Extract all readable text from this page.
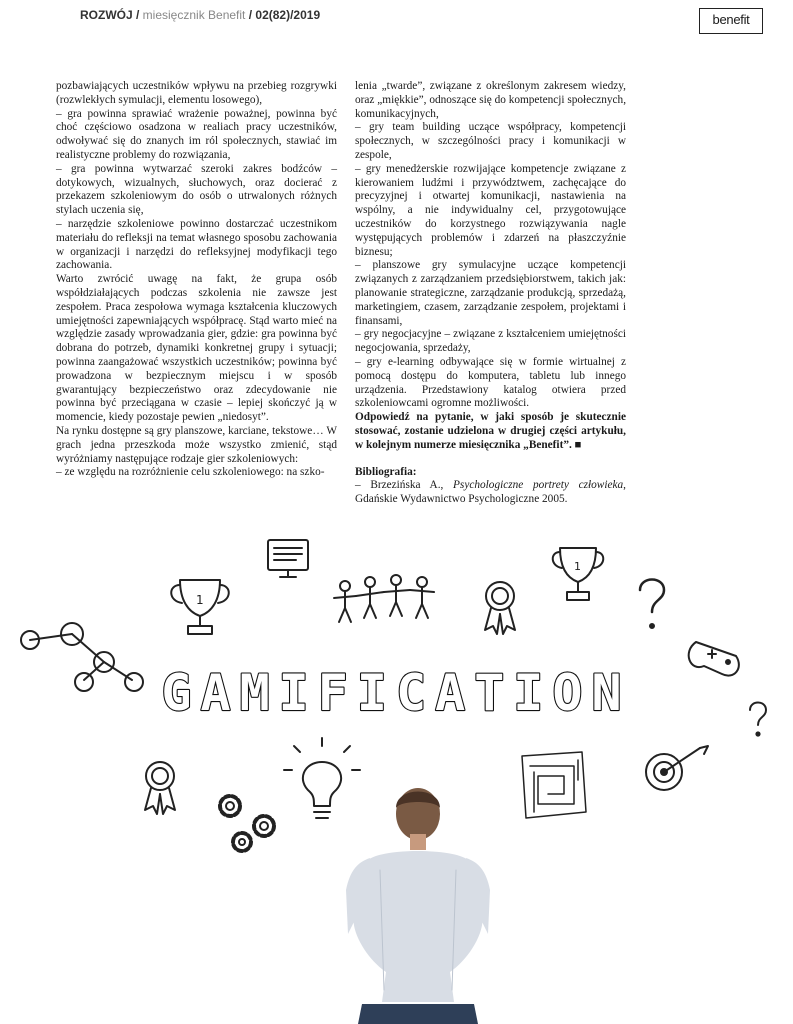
ROZWÓJ / miesięcznik Benefit / 02(82)/2019	benefit

pozbawiających uczestników wpływu na przebieg rozgrywki (rozwlekłych symulacji, elementu losowego),

– gra powinna sprawiać wrażenie poważnej, powinna być choć częściowo osadzona w realiach pracy uczestników, odwoływać się do znanych im ról społecznych, stawiać im realistyczne problemy do rozwiązania,

– gra powinna wytwarzać szeroki zakres bodźców – dotykowych, wizualnych, słuchowych, oraz docierać z przekazem szkoleniowym do osób o utrwalonych różnych stylach uczenia się,

– narzędzie szkoleniowe powinno dostarczać uczestnikom materiału do refleksji na temat własnego sposobu zachowania w organizacji i narzędzi do refleksyjnej modyfikacji tego zachowania.

Warto zwrócić uwagę na fakt, że grupa osób współdziałających podczas szkolenia nie zawsze jest zespołem. Praca zespołowa wymaga kształcenia kluczowych umiejętności zapewniających współpracę. Stąd warto mieć na względzie zasady wprowadzania gier, gdzie: gra powinna być dobrana do potrzeb, dynamiki konkretnej grupy i sytuacji; powinna zaangażować wszystkich uczestników; powinna być prowadzona w bezpiecznym miejscu i w sposób gwarantujący bezpieczeństwo oraz zdecydowanie nie powinna być przeciągana w czasie – lepiej skończyć ją w momencie, kiedy pozostaje pewien „niedosyt”.

Na rynku dostępne są gry planszowe, karciane, tekstowe… W grach jedna przeszkoda może wszystko zmienić, stąd wyróżniamy następujące rodzaje gier szkoleniowych:

– ze względu na rozróżnienie celu szkoleniowego: na szko-

lenia „twarde”, związane z określonym zakresem wiedzy, oraz „miękkie”, odnoszące się do kompetencji społecznych, komunikacyjnych,

– gry team building uczące współpracy, kompetencji społecznych, w szczególności pracy i komunikacji w zespole,

– gry menedżerskie rozwijające kompetencje związane z kierowaniem ludźmi i przywództwem, zachęcające do precyzyjnej i otwartej komunikacji, nastawienia na wspólny, a nie indywidualny cel, przygotowujące uczestników do korzystnego rozwiązywania nagle występujących problemów i zdarzeń na płaszczyźnie biznesu;

– planszowe gry symulacyjne uczące kompetencji związanych z zarządzaniem przedsiębiorstwem, takich jak: planowanie strategiczne, zarządzanie produkcją, sprzedażą, marketingiem, czasem, zarządzanie zespołem, projektami i finansami,

– gry negocjacyjne – związane z kształceniem umiejętności negocjowania, sprzedaży,

– gry e-learning odbywające się w formie wirtualnej z pomocą dostępu do komputera, tabletu lub innego urządzenia. Przedstawiony katalog otwiera przed szkoleniowcami ogromne możliwości.

Odpowiedź na pytanie, w jaki sposób je skutecznie stosować, zostanie udzielona w drugiej części artykułu, w kolejnym numerze miesięcznika „Benefit”. ■

Bibliografia:
– Brzezińska A., Psychologiczne portrety człowieka, Gdańskie Wydawnictwo Psychologiczne 2005.

1
1
GAMIFICATION
